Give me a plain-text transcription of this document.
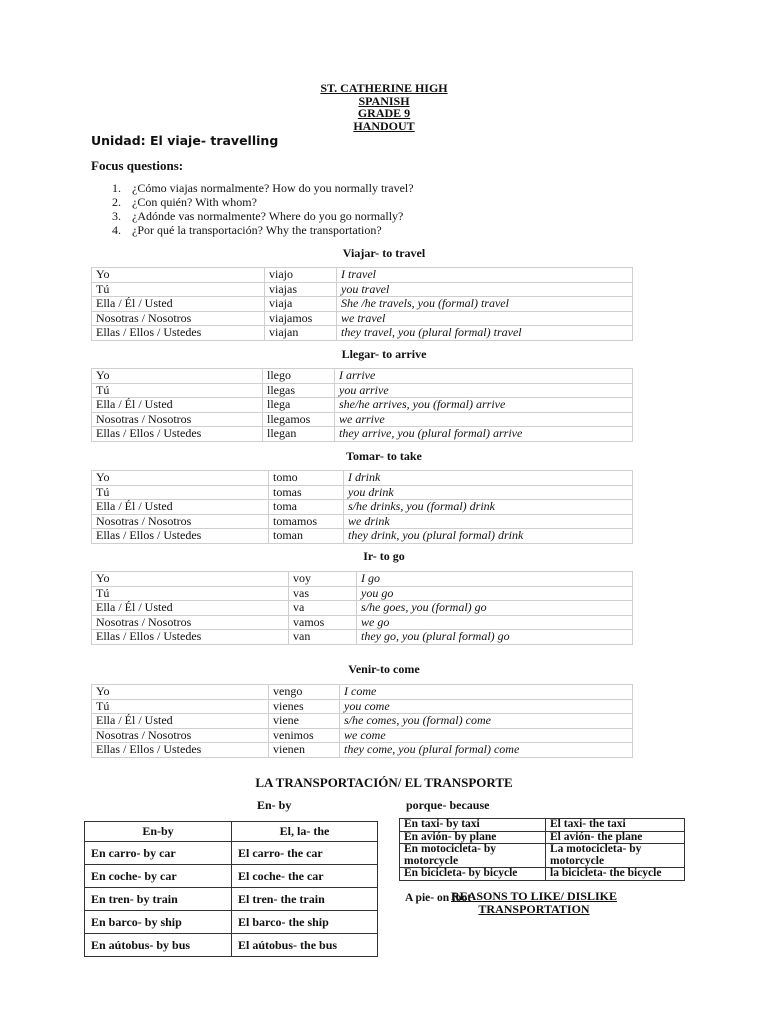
ST. CATHERINE HIGH
SPANISH
GRADE 9
HANDOUT
Unidad: El viaje- travelling
Focus questions:
1. ¿Cómo viajas normalmente? How do you normally travel?
2. ¿Con quién? With whom?
3. ¿Adónde vas normalmente? Where do you go normally?
4. ¿Por qué la transportación? Why the transportation?
Viajar- to travel
Yo	viajo	I travel
Tú	viajas	you travel
Ella / Él / Usted	viaja	She /he travels, you (formal) travel
Nosotras / Nosotros	viajamos	we travel
Ellas / Ellos / Ustedes	viajan	they travel, you (plural formal) travel
Llegar- to arrive
Yo	llego	I arrive
Tú	llegas	you arrive
Ella / Él / Usted	llega	she/he arrives, you (formal) arrive
Nosotras / Nosotros	llegamos	we arrive
Ellas / Ellos / Ustedes	llegan	they arrive, you (plural formal) arrive
Tomar- to take
Yo	tomo	I drink
Tú	tomas	you drink
Ella / Él / Usted	toma	s/he drinks, you (formal) drink
Nosotras / Nosotros	tomamos	we drink
Ellas / Ellos / Ustedes	toman	they drink, you (plural formal) drink
Ir- to go
Yo	voy	I go
Tú	vas	you go
Ella / Él / Usted	va	s/he goes, you (formal) go
Nosotras / Nosotros	vamos	we go
Ellas / Ellos / Ustedes	van	they go, you (plural formal) go
Venir-to come
Yo	vengo	I come
Tú	vienes	you come
Ella / Él / Usted	viene	s/he comes, you (formal) come
Nosotras / Nosotros	venimos	we come
Ellas / Ellos / Ustedes	vienen	they come, you (plural formal) come
LA TRANSPORTACIÓN/ EL TRANSPORTE
En- by	porque- because
En-by	El, la- the
En carro- by car	El carro- the car
En coche- by car	El coche- the car
En tren- by train	El tren- the train
En barco- by ship	El barco- the ship
En aútobus- by bus	El aútobus- the bus
En taxi- by taxi	El taxi- the taxi
En avión- by plane	El avión- the plane
En motocicleta- by motorcycle	La motocicleta- by motorcycle
En bicicleta- by bicycle	la bicicleta- the bicycle
A pie- on foot
REASONS TO LIKE/ DISLIKE
TRANSPORTATION
